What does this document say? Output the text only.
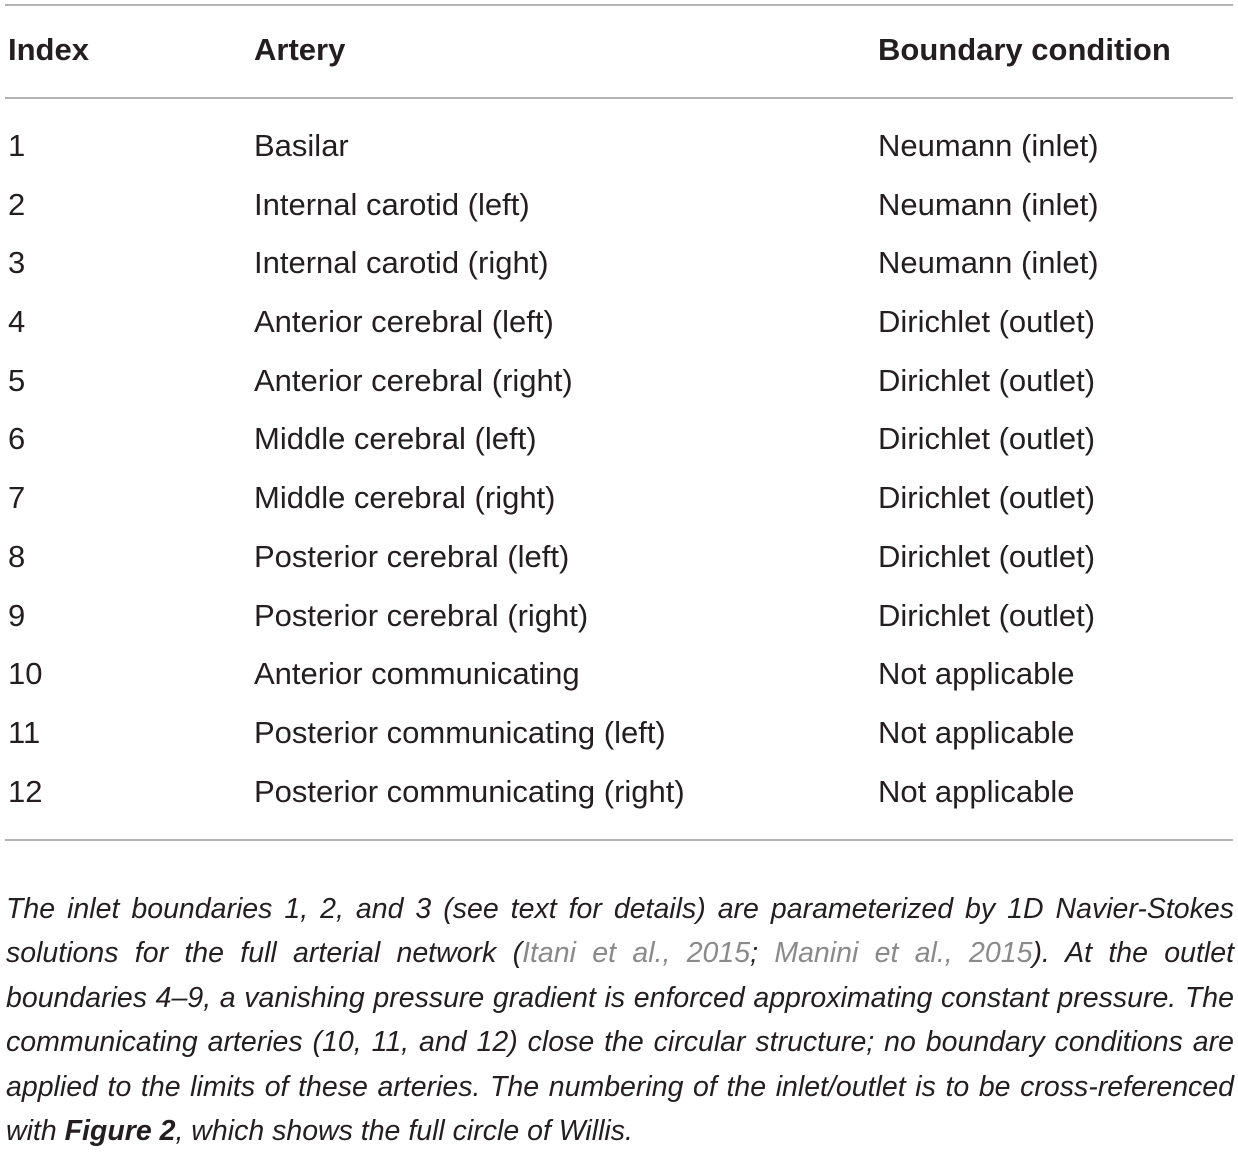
Index	Artery	Boundary condition
1	Basilar	Neumann (inlet)
2	Internal carotid (left)	Neumann (inlet)
3	Internal carotid (right)	Neumann (inlet)
4	Anterior cerebral (left)	Dirichlet (outlet)
5	Anterior cerebral (right)	Dirichlet (outlet)
6	Middle cerebral (left)	Dirichlet (outlet)
7	Middle cerebral (right)	Dirichlet (outlet)
8	Posterior cerebral (left)	Dirichlet (outlet)
9	Posterior cerebral (right)	Dirichlet (outlet)
10	Anterior communicating	Not applicable
11	Posterior communicating (left)	Not applicable
12	Posterior communicating (right)	Not applicable

The inlet boundaries 1, 2, and 3 (see text for details) are parameterized by 1D Navier-Stokes solutions for the full arterial network (Itani et al., 2015; Manini et al., 2015). At the outlet boundaries 4–9, a vanishing pressure gradient is enforced approximating constant pressure. The communicating arteries (10, 11, and 12) close the circular structure; no boundary conditions are applied to the limits of these arteries. The numbering of the inlet/outlet is to be cross-referenced with Figure 2, which shows the full circle of Willis.
